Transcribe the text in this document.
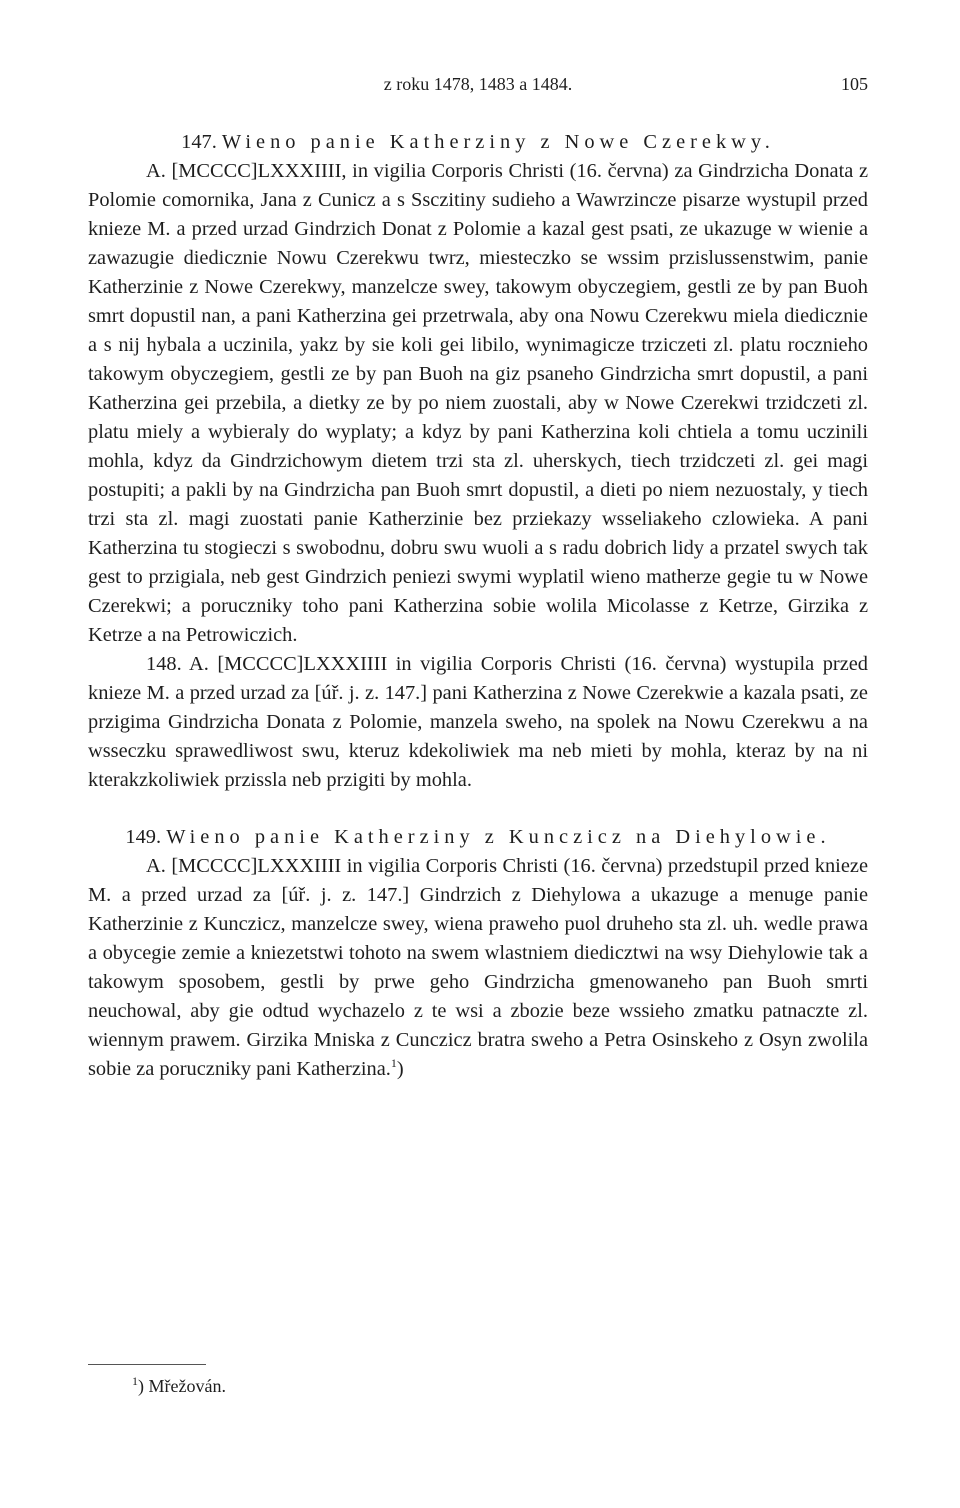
z roku 1478, 1483 a 1484.	105
147. Wieno panie Katherziny z Nowe Czerekwy.

A. [MCCCC]LXXXIIII, in vigilia Corporis Christi (16. června) za Gindrzicha Donata z Polomie comornika, Jana z Cunicz a s Ssczitiny sudieho a Wawrzincze pisarze wystupil przed knieze M. a przed urzad Gindrzich Donat z Polomie a kazal gest psati, ze ukazuge w wienie a zawazugie diedicznie Nowu Czerekwu twrz, miesteczko se wssim przislussenstwim, panie Katherzinie z Nowe Czerekwy, manzelcze swey, takowym obyczegiem, gestli ze by pan Buoh smrt dopustil nan, a pani Katherzina gei przetrwala, aby ona Nowu Czerekwu miela diedicznie a s nij hybala a uczinila, yakz by sie koli gei libilo, wynimagicze trziczeti zl. platu rocznieho takowym obyczegiem, gestli ze by pan Buoh na giz psaneho Gindrzicha smrt dopustil, a pani Katherzina gei przebila, a dietky ze by po niem zuostali, aby w Nowe Czerekwi trzidczeti zl. platu miely a wybieraly do wyplaty; a kdyz by pani Katherzina koli chtiela a tomu uczinili mohla, kdyz da Gindrzichowym dietem trzi sta zl. uherskych, tiech trzidczeti zl. gei magi postupiti; a pakli by na Gindrzicha pan Buoh smrt dopustil, a dieti po niem nezuostaly, y tiech trzi sta zl. magi zuostati panie Katherzinie bez prziekazy wsseliakeho czlowieka. A pani Katherzina tu stogieczi s swobodnu, dobru swu wuoli a s radu dobrich lidy a przatel swych tak gest to przigiala, neb gest Gindrzich peniezi swymi wyplatil wieno matherze gegie tu w Nowe Czerekwi; a porucznikу toho pani Katherzina sobie wolila Micolasse z Ketrze, Girzika z Ketrze a na Petrowiczich.

148. A. [MCCCC]LXXXIIII in vigilia Corporis Christi (16. června) wystupila przed knieze M. a przed urzad za [úř. j. z. 147.] pani Katherzina z Nowe Czerekwie a kazala psati, ze przigima Gindrzicha Donata z Polomie, manzela sweho, na spolek na Nowu Czerekwu a na wsseczku sprawedliwost swu, kteruz kdekoliwiek ma neb mieti by mohla, kteraz by na ni kterakzkoliwiek przissla neb przigiti by mohla.

149. Wieno panie Katherziny z Kunczicz na Diehylowie.

A. [MCCCC]LXXXIIII in vigilia Corporis Christi (16. června) przedstupil przed knieze M. a przed urzad za [úř. j. z. 147.] Gindrzich z Diehylowa a ukazuge a menuge panie Katherzinie z Kunczicz, manzelcze swey, wiena praweho puol druheho sta zl. uh. wedle prawa a obycegie zemie a kniezetstwi tohoto na swem wlastniem diedicztwi na wsy Diehylowie tak a takowym sposobem, gestli by prwe geho Gindrzicha gmenowaneho pan Buoh smrti neuchowal, aby gie odtud wychazelo z te wsi a zbozie beze wssieho zmatku patnaczte zl. wiennym prawem. Girzika Mniska z Cunczicz bratra sweho a Petra Osinskeho z Osyn zwolila sobie za porucznikу pani Katherzina.$^1$)

$^1$) Mřežován.
